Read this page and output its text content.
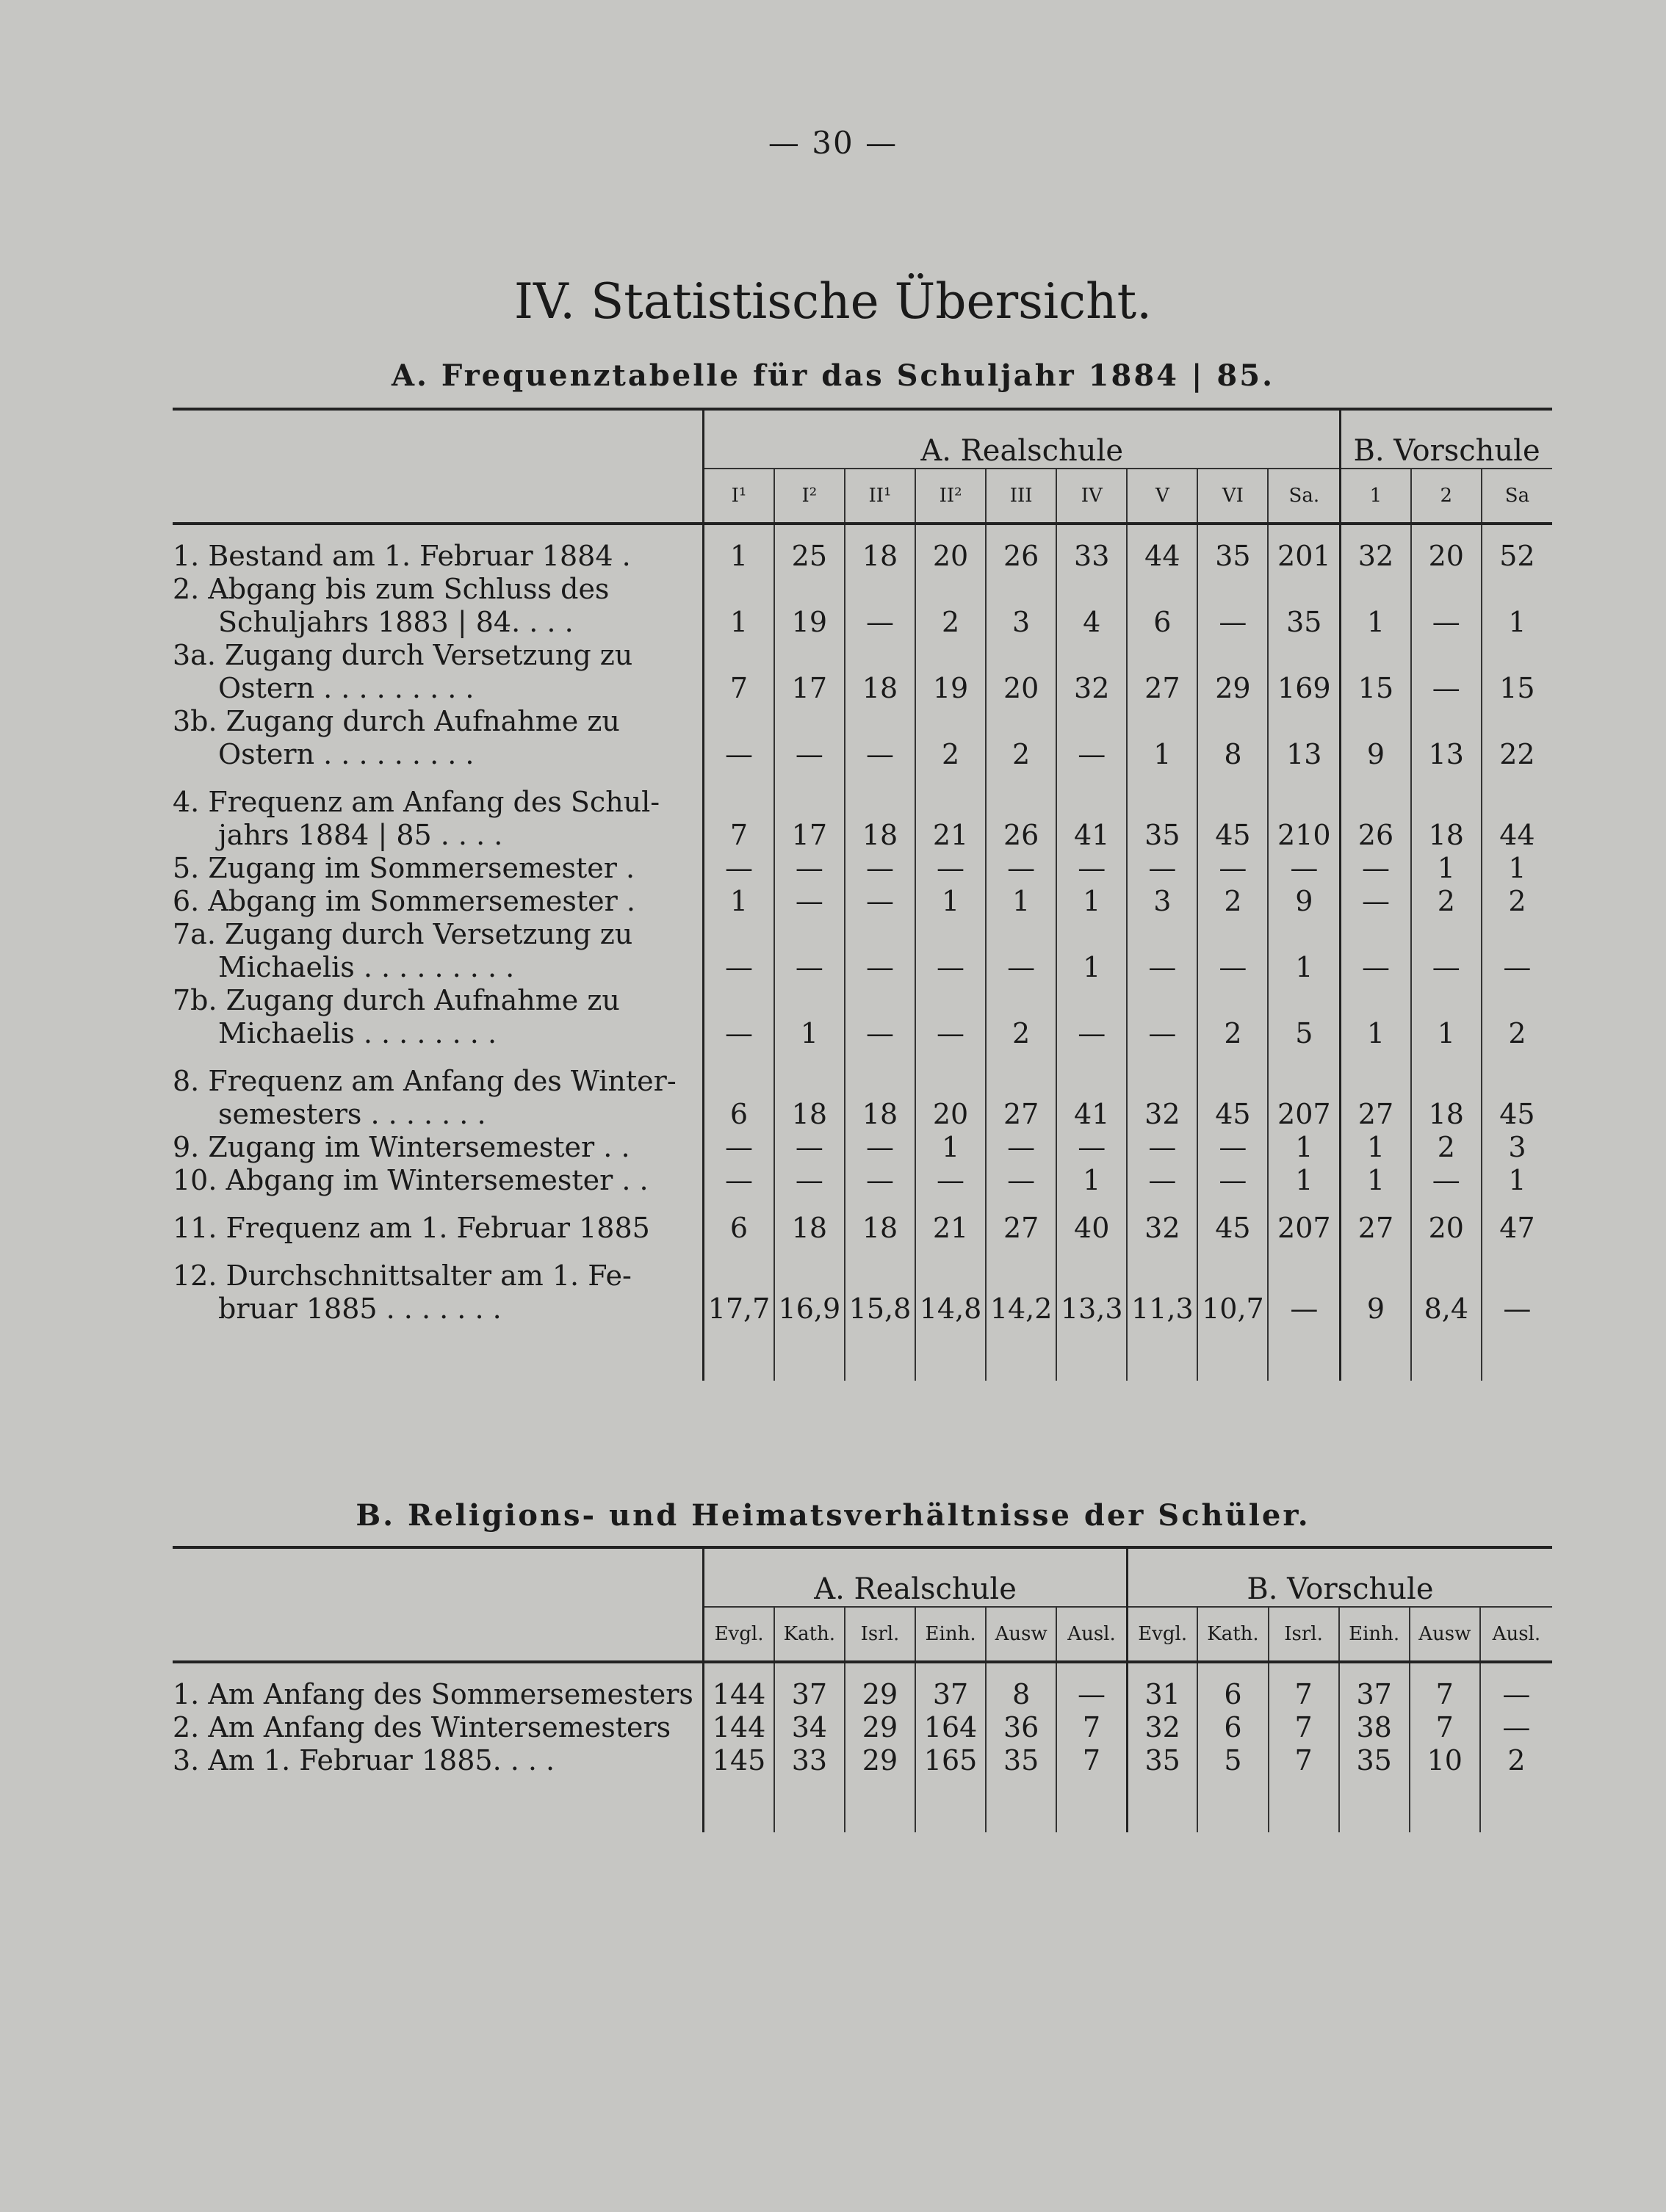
— 30 —
IV. Statistische Übersicht.
A. Frequenztabelle für das Schuljahr 1884 | 85.
	A. Realschule									B. Vorschule		
	I¹	I²	II¹	II²	III	IV	V	VI	Sa.	1	2	Sa

1. Bestand am 1. Februar 1884 .	1	25	18	20	26	33	44	35	201	32	20	52

2. Abgang bis zum Schluss des
Schuljahrs 1883 | 84. . . .	1	19	—	2	3	4	6	—	35	1	—	1

3a. Zugang durch Versetzung zu
Ostern . . . . . . . . .	7	17	18	19	20	32	27	29	169	15	—	15

3b. Zugang durch Aufnahme zu
Ostern . . . . . . . . .	—	—	—	2	2	—	1	8	13	9	13	22

4. Frequenz am Anfang des Schul-
jahrs 1884 | 85 . . . .	7	17	18	21	26	41	35	45	210	26	18	44

5. Zugang im Sommersemester .	—	—	—	—	—	—	—	—	—	—	1	1

6. Abgang im Sommersemester .	1	—	—	1	1	1	3	2	9	—	2	2

7a. Zugang durch Versetzung zu
Michaelis . . . . . . . . .	—	—	—	—	—	1	—	—	1	—	—	—

7b. Zugang durch Aufnahme zu
Michaelis . . . . . . . .	—	1	—	—	2	—	—	2	5	1	1	2

8. Frequenz am Anfang des Winter-
semesters . . . . . . .	6	18	18	20	27	41	32	45	207	27	18	45

9. Zugang im Wintersemester . .	—	—	—	1	—	—	—	—	1	1	2	3

10. Abgang im Wintersemester . .	—	—	—	—	—	1	—	—	1	1	—	1

11. Frequenz am 1. Februar 1885	6	18	18	21	27	40	32	45	207	27	20	47

12. Durchschnittsalter am 1. Fe-
bruar 1885 . . . . . . .	17,7	16,9	15,8	14,8	14,2	13,3	11,3	10,7	—	9	8,4	—

B. Religions- und Heimatsverhältnisse der Schüler.
	A. Realschule						B. Vorschule					
	Evgl.	Kath.	Isrl.	Einh.	Ausw	Ausl.	Evgl.	Kath.	Isrl.	Einh.	Ausw	Ausl.

1. Am Anfang des Sommersemesters	144	37	29	37	8	—	31	6	7	37	7	—

2. Am Anfang des Wintersemesters	144	34	29	164	36	7	32	6	7	38	7	—

3. Am 1. Februar 1885. . . .	145	33	29	165	35	7	35	5	7	35	10	2
